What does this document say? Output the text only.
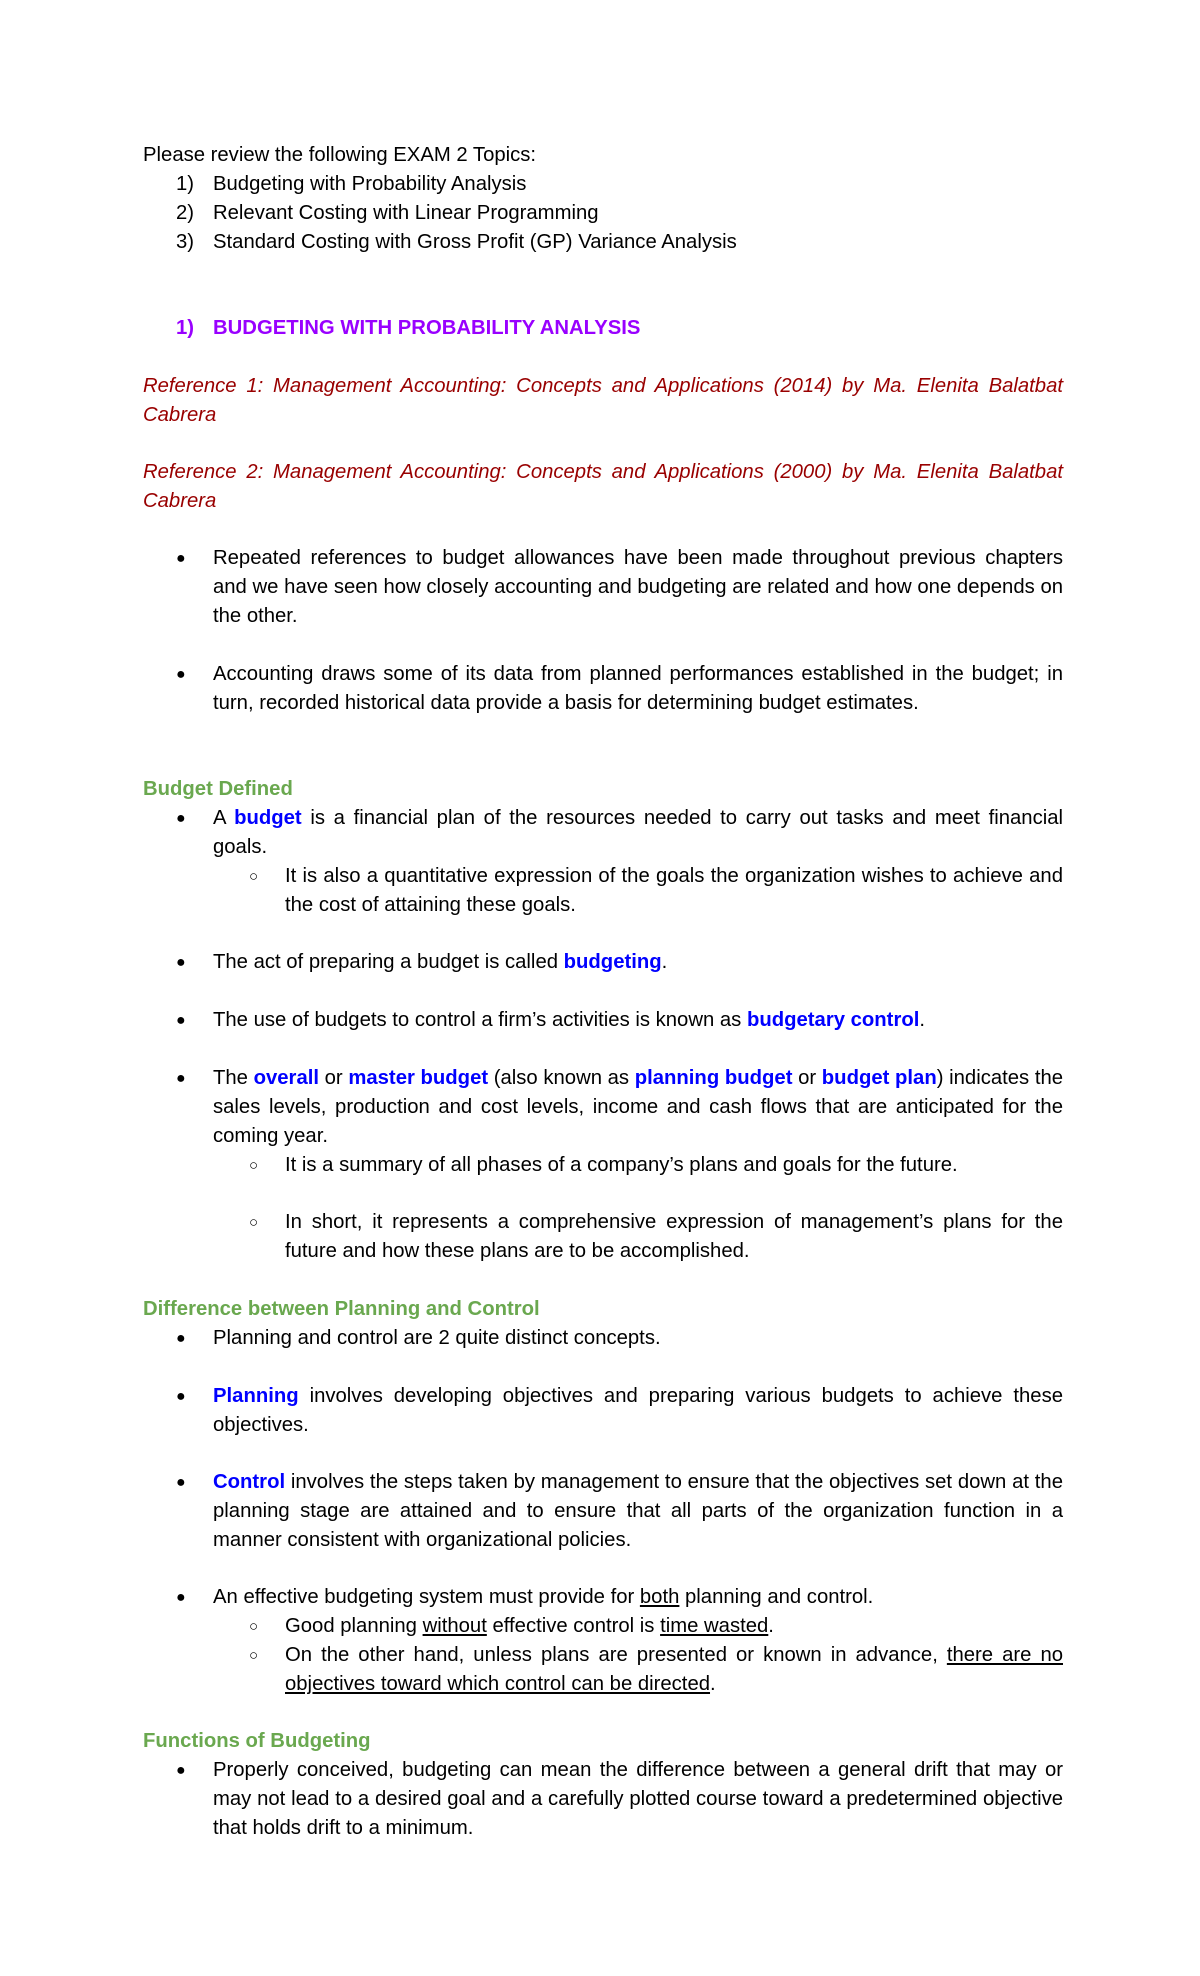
Please review the following EXAM 2 Topics:

1) Budgeting with Probability Analysis
2) Relevant Costing with Linear Programming
3) Standard Costing with Gross Profit (GP) Variance Analysis
1) BUDGETING WITH PROBABILITY ANALYSIS

Reference 1: Management Accounting: Concepts and Applications (2014) by Ma. Elenita Balatbat Cabrera

Reference 2: Management Accounting: Concepts and Applications (2000) by Ma. Elenita Balatbat Cabrera

● Repeated references to budget allowances have been made throughout previous chapters and we have seen how closely accounting and budgeting are related and how one depends on the other.

● Accounting draws some of its data from planned performances established in the budget; in turn, recorded historical data provide a basis for determining budget estimates.

Budget Defined

● A budget is a financial plan of the resources needed to carry out tasks and meet financial goals.

○ It is also a quantitative expression of the goals the organization wishes to achieve and the cost of attaining these goals.

● The act of preparing a budget is called budgeting.

● The use of budgets to control a firm’s activities is known as budgetary control.

● The overall or master budget (also known as planning budget or budget plan) indicates the sales levels, production and cost levels, income and cash flows that are anticipated for the coming year.

○ It is a summary of all phases of a company’s plans and goals for the future.

○ In short, it represents a comprehensive expression of management’s plans for the future and how these plans are to be accomplished.

Difference between Planning and Control

● Planning and control are 2 quite distinct concepts.

● Planning involves developing objectives and preparing various budgets to achieve these objectives.

● Control involves the steps taken by management to ensure that the objectives set down at the planning stage are attained and to ensure that all parts of the organization function in a manner consistent with organizational policies.

● An effective budgeting system must provide for both planning and control.

○ Good planning without effective control is time wasted.

○ On the other hand, unless plans are presented or known in advance, there are no objectives toward which control can be directed.

Functions of Budgeting

● Properly conceived, budgeting can mean the difference between a general drift that may or may not lead to a desired goal and a carefully plotted course toward a predetermined objective that holds drift to a minimum.
